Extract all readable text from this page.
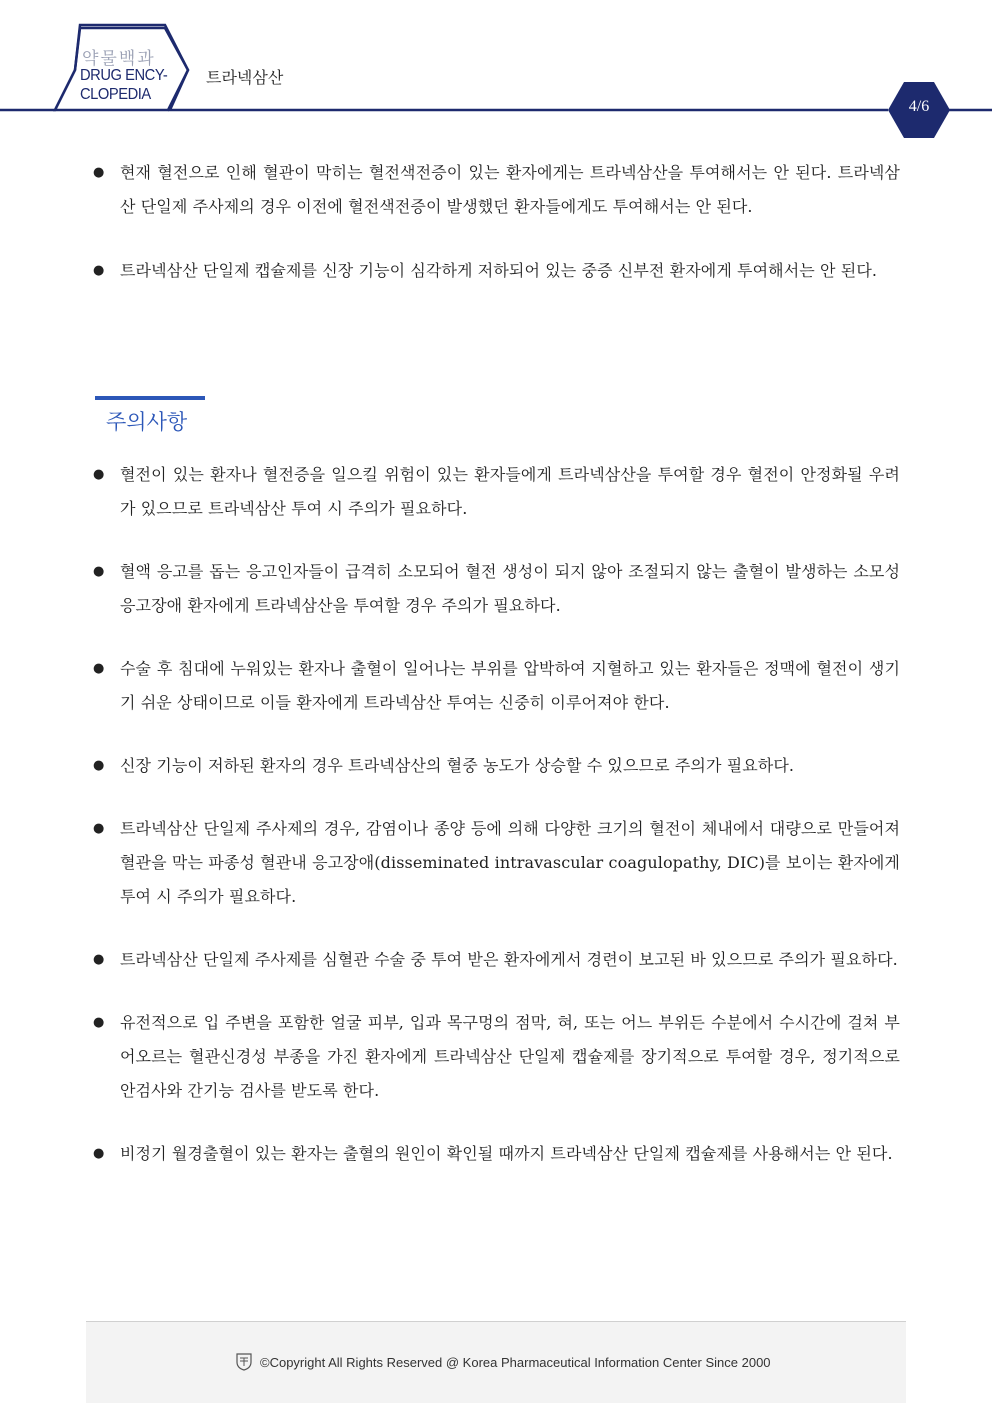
약물백과
DRUG ENCY-
CLOPEDIA
트라넥삼산
4/6
● 현재 혈전으로 인해 혈관이 막히는 혈전색전증이 있는 환자에게는 트라넥삼산을 투여해서는 안 된다. 트라넥삼산 단일제 주사제의 경우 이전에 혈전색전증이 발생했던 환자들에게도 투여해서는 안 된다.
● 트라넥삼산 단일제 캡슐제를 신장 기능이 심각하게 저하되어 있는 중증 신부전 환자에게 투여해서는 안 된다.
주의사항
● 혈전이 있는 환자나 혈전증을 일으킬 위험이 있는 환자들에게 트라넥삼산을 투여할 경우 혈전이 안정화될 우려가 있으므로 트라넥삼산 투여 시 주의가 필요하다.
● 혈액 응고를 돕는 응고인자들이 급격히 소모되어 혈전 생성이 되지 않아 조절되지 않는 출혈이 발생하는 소모성 응고장애 환자에게 트라넥삼산을 투여할 경우 주의가 필요하다.
● 수술 후 침대에 누워있는 환자나 출혈이 일어나는 부위를 압박하여 지혈하고 있는 환자들은 정맥에 혈전이 생기기 쉬운 상태이므로 이들 환자에게 트라넥삼산 투여는 신중히 이루어져야 한다.
● 신장 기능이 저하된 환자의 경우 트라넥삼산의 혈중 농도가 상승할 수 있으므로 주의가 필요하다.
● 트라넥삼산 단일제 주사제의 경우, 감염이나 종양 등에 의해 다양한 크기의 혈전이 체내에서 대량으로 만들어져 혈관을 막는 파종성 혈관내 응고장애(disseminated intravascular coagulopathy, DIC)를 보이는 환자에게 투여 시 주의가 필요하다.
● 트라넥삼산 단일제 주사제를 심혈관 수술 중 투여 받은 환자에게서 경련이 보고된 바 있으므로 주의가 필요하다.
● 유전적으로 입 주변을 포함한 얼굴 피부, 입과 목구멍의 점막, 혀, 또는 어느 부위든 수분에서 수시간에 걸쳐 부어오르는 혈관신경성 부종을 가진 환자에게 트라넥삼산 단일제 캡슐제를 장기적으로 투여할 경우, 정기적으로 안검사와 간기능 검사를 받도록 한다.
● 비정기 월경출혈이 있는 환자는 출혈의 원인이 확인될 때까지 트라넥삼산 단일제 캡슐제를 사용해서는 안 된다.
©Copyright All Rights Reserved @ Korea Pharmaceutical Information Center Since 2000
